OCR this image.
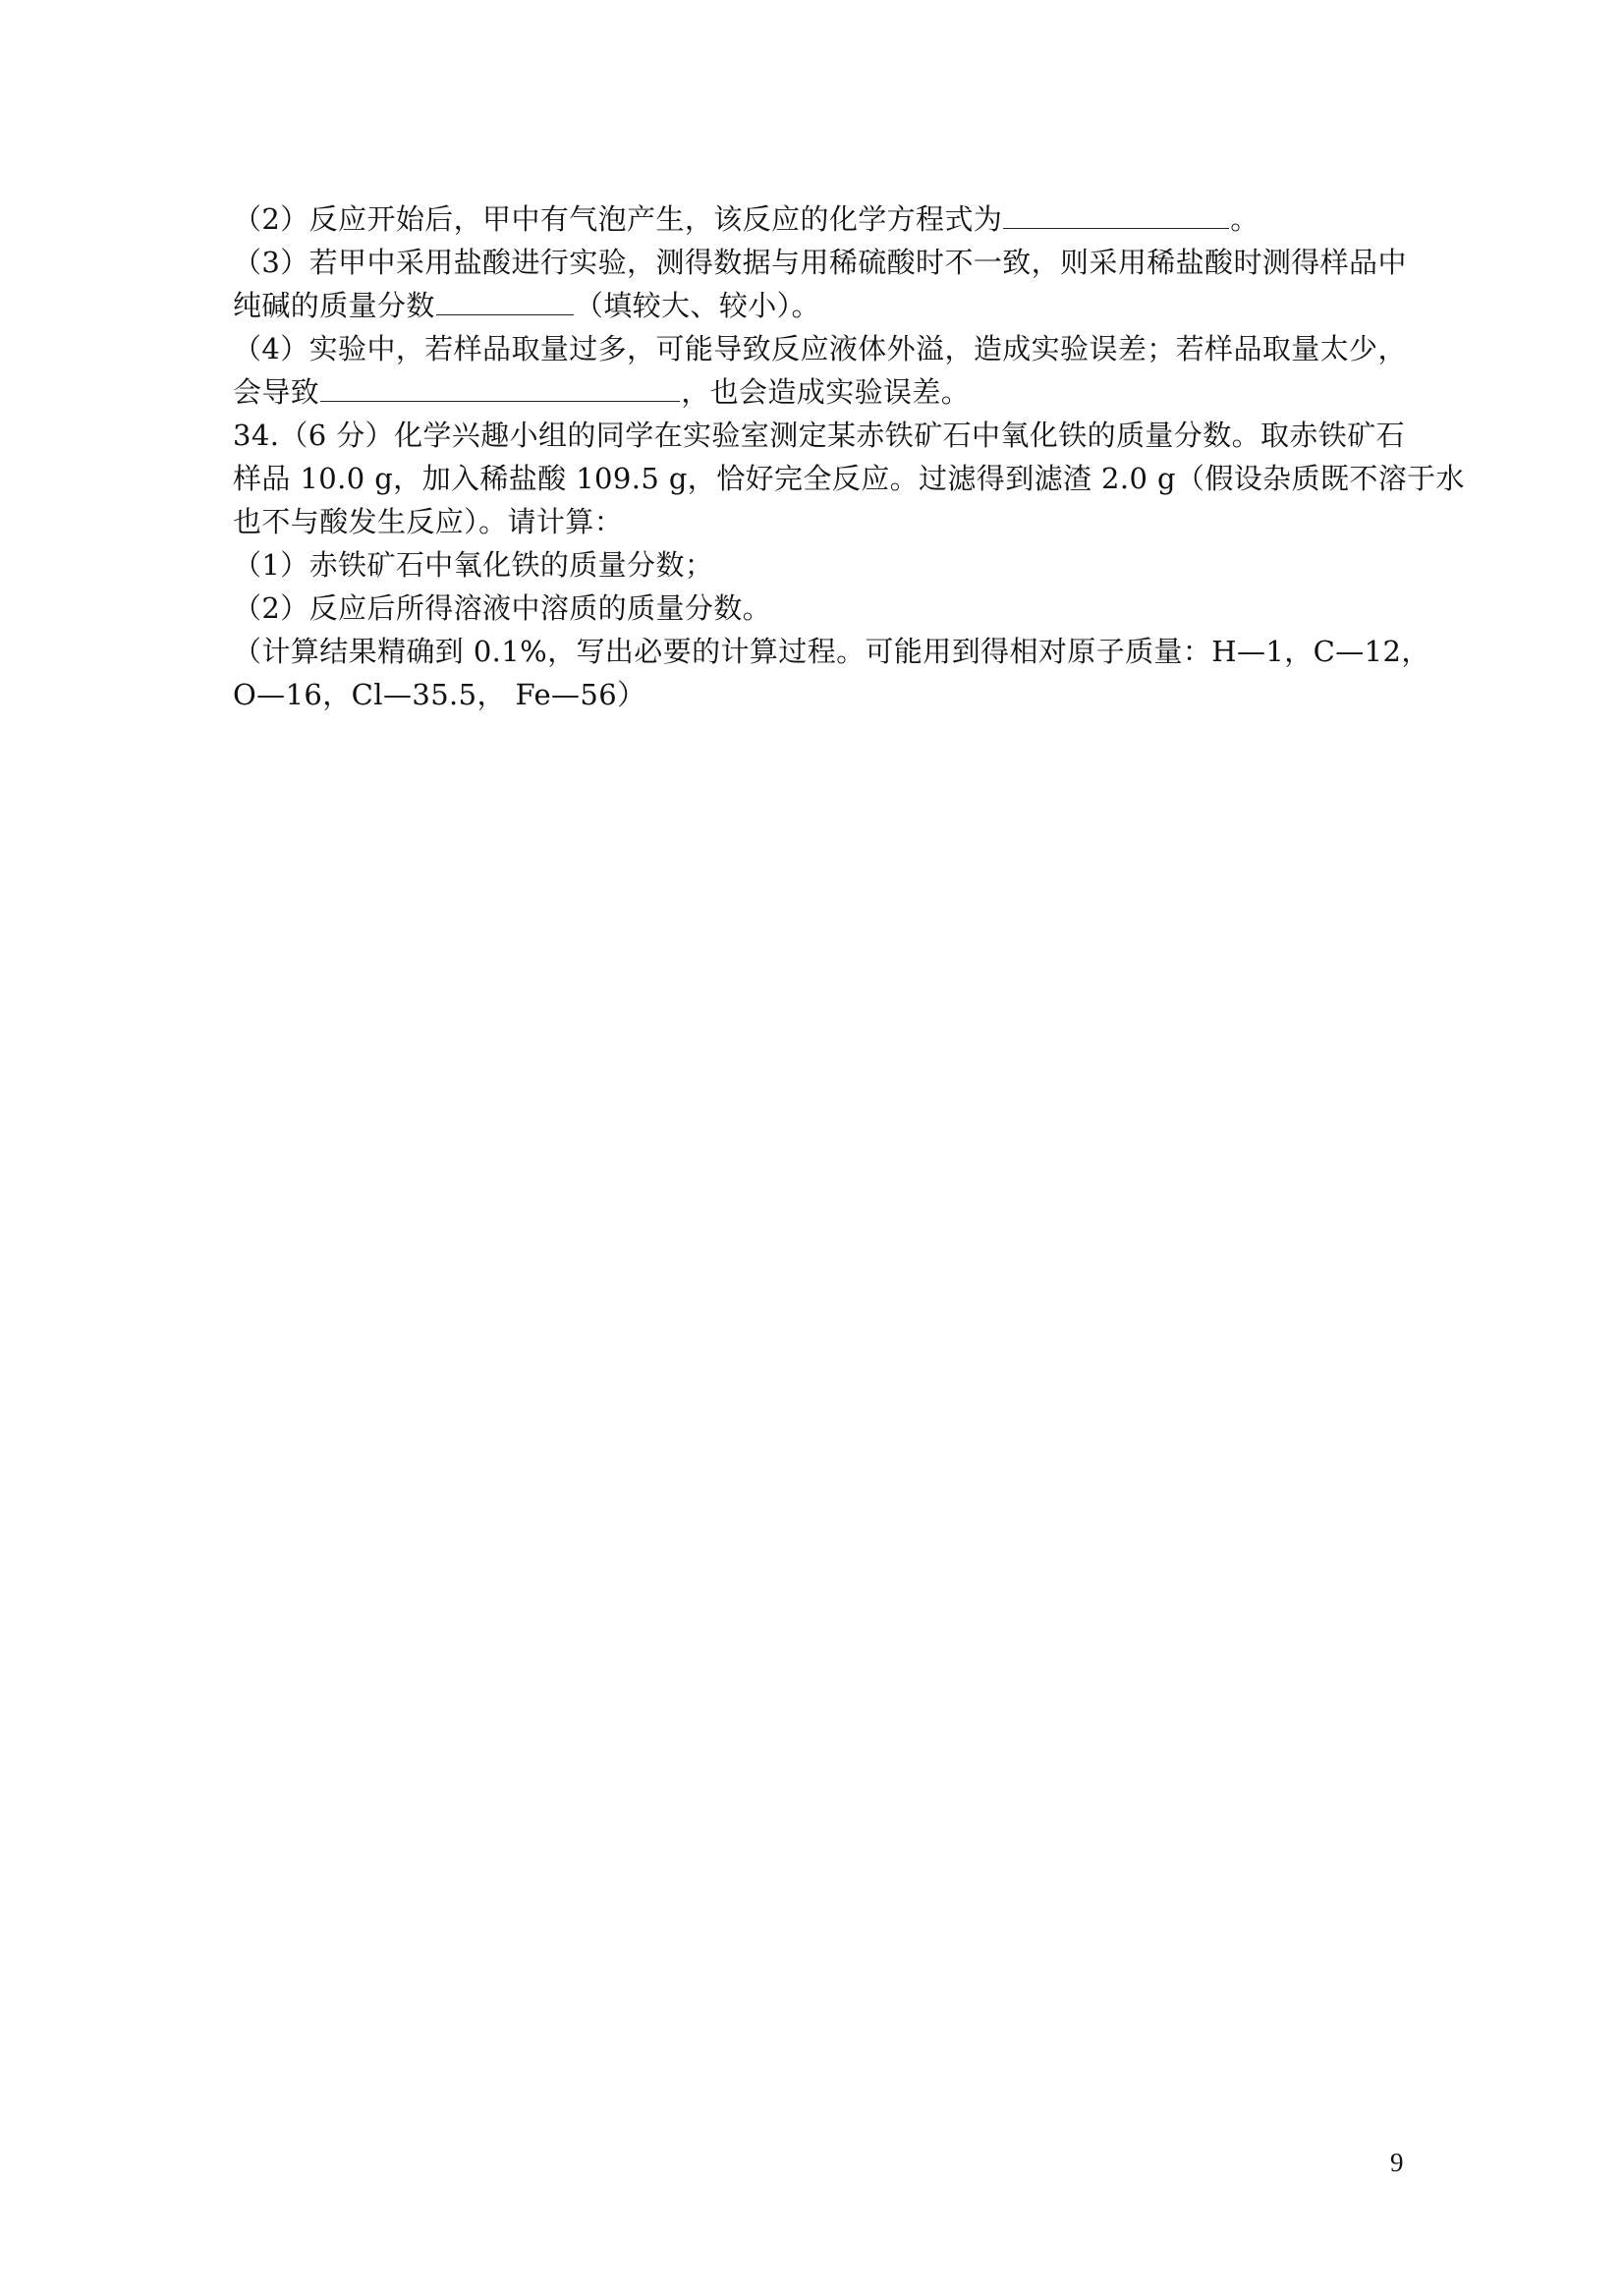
（2）反应开始后，甲中有气泡产生，该反应的化学方程式为	。
（3）若甲中采用盐酸进行实验，测得数据与用稀硫酸时不一致，则采用稀盐酸时测得样品中
纯碱的质量分数	（填较大、较小）。
（4）实验中，若样品取量过多，可能导致反应液体外溢，造成实验误差；若样品取量太少，
会导致	，也会造成实验误差。
34.（6 分）化学兴趣小组的同学在实验室测定某赤铁矿石中氧化铁的质量分数。取赤铁矿石
样品 10.0 g，加入稀盐酸 109.5 g，恰好完全反应。过滤得到滤渣 2.0 g（假设杂质既不溶于水
也不与酸发生反应）。请计算：
（1）赤铁矿石中氧化铁的质量分数；
（2）反应后所得溶液中溶质的质量分数。
（计算结果精确到 0.1%，写出必要的计算过程。可能用到得相对原子质量：H—1，C—12，
O—16，Cl—35.5， Fe—56）
9
